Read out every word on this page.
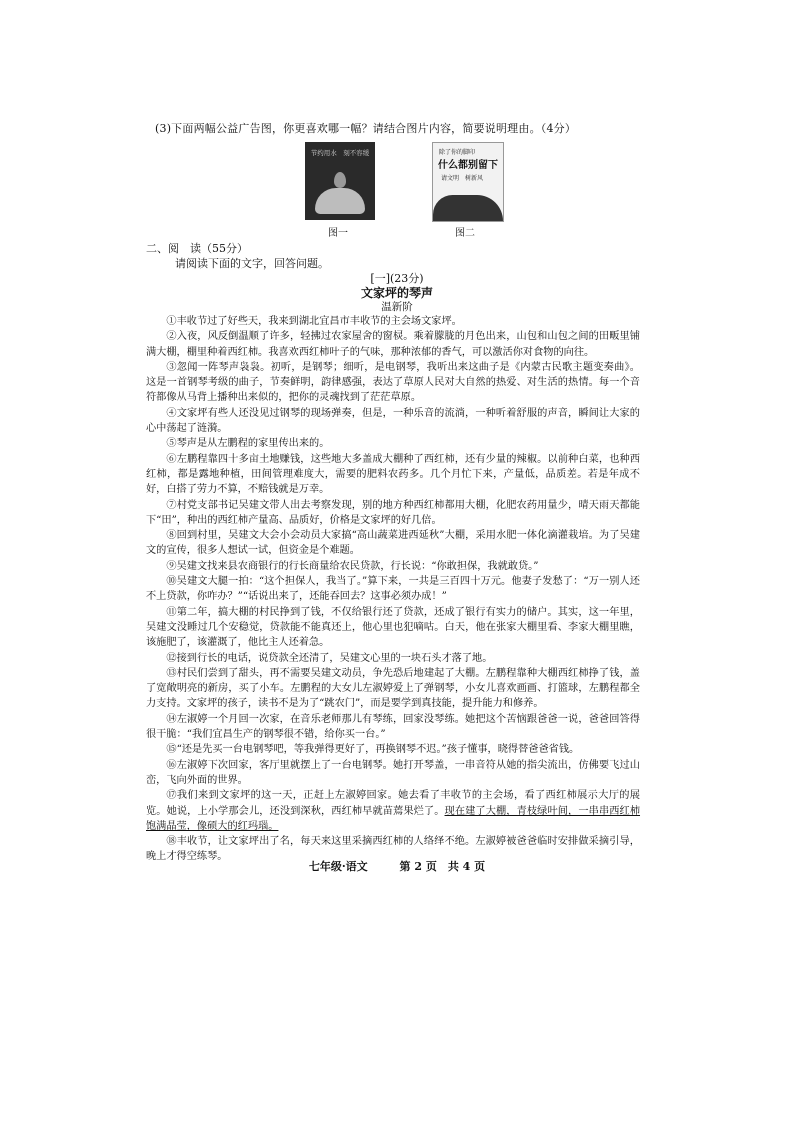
(3)下面两幅公益广告图，你更喜欢哪一幅？请结合图片内容，简要说明理由。（4分）
节约用水　刻不容缓	除了你的脚印
什么都别留下
请文明　树新风
图一	图二
二、阅　读（55分）
请阅读下面的文字，回答问题。
[一](23分)
文家坪的琴声
温新阶

①丰收节过了好些天，我来到湖北宜昌市丰收节的主会场文家坪。

②入夜，风反倒温顺了许多，轻拂过农家屋舍的窗棂。乘着朦胧的月色出来，山包和山包之间的田畈里铺满大棚，棚里种着西红柿。我喜欢西红柿叶子的气味，那种浓郁的香气，可以激活你对食物的向往。

③忽闻一阵琴声袅袅。初听，是钢琴；细听，是电钢琴，我听出来这曲子是《内蒙古民歌主题变奏曲》。这是一首钢琴考级的曲子，节奏鲜明，韵律感强，表达了草原人民对大自然的热爱、对生活的热情。每一个音符都像从马背上播种出来似的，把你的灵魂找到了茫茫草原。

④文家坪有些人还没见过钢琴的现场弹奏，但是，一种乐音的流淌，一种听着舒服的声音，瞬间让大家的心中荡起了涟漪。

⑤琴声是从左鹏程的家里传出来的。

⑥左鹏程靠四十多亩土地赚钱，这些地大多盖成大棚种了西红柿，还有少量的辣椒。以前种白菜，也种西红柿，都是露地种植，田间管理难度大，需要的肥料农药多。几个月忙下来，产量低，品质差。若是年成不好，白搭了劳力不算，不赔钱就是万幸。

⑦村党支部书记吴建文带人出去考察发现，别的地方种西红柿都用大棚，化肥农药用量少，晴天雨天都能下“田”，种出的西红柿产量高、品质好，价格是文家坪的好几倍。

⑧回到村里，吴建文大会小会动员大家搞“高山蔬菜进西延秋”大棚，采用水肥一体化滴灌栽培。为了吴建文的宣传，很多人想试一试，但资金是个难题。

⑨吴建文找来县农商银行的行长商量给农民贷款，行长说：“你敢担保，我就敢贷。”

⑩吴建文大腿一拍：“这个担保人，我当了。”算下来，一共是三百四十万元。他妻子发愁了：“万一别人还不上贷款，你咋办？”“话说出来了，还能吞回去？这事必须办成！”

⑪第二年，搞大棚的村民挣到了钱，不仅给银行还了贷款，还成了银行有实力的储户。其实，这一年里，吴建文没睡过几个安稳觉，贷款能不能真还上，他心里也犯嘀咕。白天，他在张家大棚里看、李家大棚里瞧，该施肥了，该灌溉了，他比主人还着急。

⑫接到行长的电话，说贷款全还清了，吴建文心里的一块石头才落了地。

⑬村民们尝到了甜头，再不需要吴建文动员，争先恐后地建起了大棚。左鹏程靠种大棚西红柿挣了钱，盖了宽敞明亮的新房，买了小车。左鹏程的大女儿左淑婷爱上了弹钢琴，小女儿喜欢画画、打篮球，左鹏程都全力支持。文家坪的孩子，读书不是为了“跳农门”，而是要学到真技能，提升能力和修养。

⑭左淑婷一个月回一次家，在音乐老师那儿有琴练，回家没琴练。她把这个苦恼跟爸爸一说，爸爸回答得很干脆：“我们宜昌生产的钢琴很不错，给你买一台。”

⑮“还是先买一台电钢琴吧，等我弹得更好了，再换钢琴不迟。”孩子懂事，晓得替爸爸省钱。

⑯左淑婷下次回家，客厅里就摆上了一台电钢琴。她打开琴盖，一串音符从她的指尖流出，仿佛要飞过山峦，飞向外面的世界。

⑰我们来到文家坪的这一天，正赶上左淑婷回家。她去看了丰收节的主会场，看了西红柿展示大厅的展览。她说，上小学那会儿，还没到深秋，西红柿早就苗蔫果烂了。现在建了大棚，青枝绿叶间，一串串西红柿饱满晶莹，像硕大的红玛瑙。

⑱丰收节，让文家坪出了名，每天来这里采摘西红柿的人络绎不绝。左淑婷被爸爸临时安排做采摘引导，晚上才得空练琴。

七年级·语文	第 2 页　共 4 页
